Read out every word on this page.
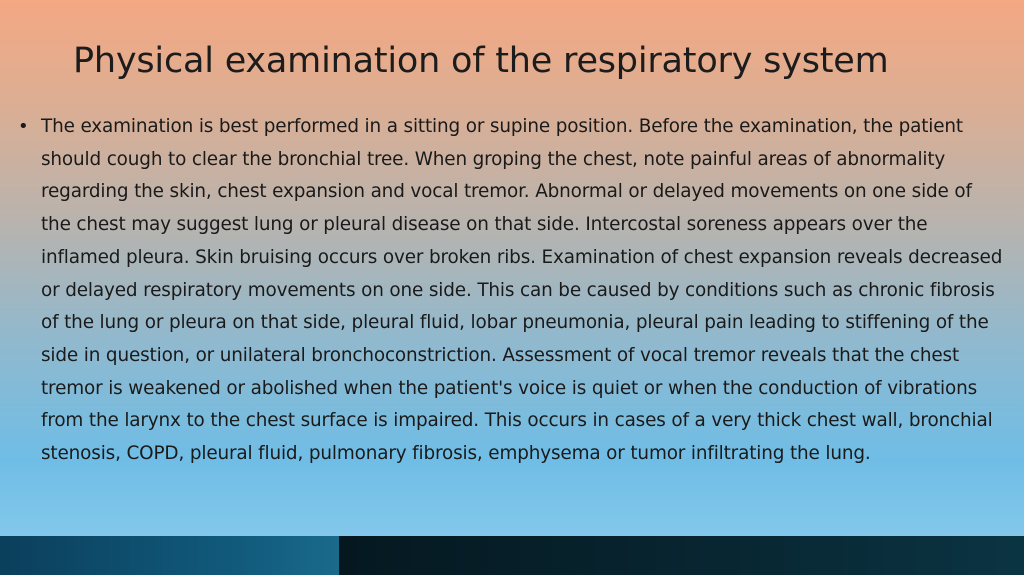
Physical examination of the respiratory system
• The examination is best performed in a sitting or supine position. Before the examination, the patient should cough to clear the bronchial tree. When groping the chest, note painful areas of abnormality regarding the skin, chest expansion and vocal tremor. Abnormal or delayed movements on one side of the chest may suggest lung or pleural disease on that side. Intercostal soreness appears over the inflamed pleura. Skin bruising occurs over broken ribs. Examination of chest expansion reveals decreased or delayed respiratory movements on one side. This can be caused by conditions such as chronic fibrosis of the lung or pleura on that side, pleural fluid, lobar pneumonia, pleural pain leading to stiffening of the side in question, or unilateral bronchoconstriction. Assessment of vocal tremor reveals that the chest tremor is weakened or abolished when the patient's voice is quiet or when the conduction of vibrations from the larynx to the chest surface is impaired. This occurs in cases of a very thick chest wall, bronchial stenosis, COPD, pleural fluid, pulmonary fibrosis, emphysema or tumor infiltrating the lung.
